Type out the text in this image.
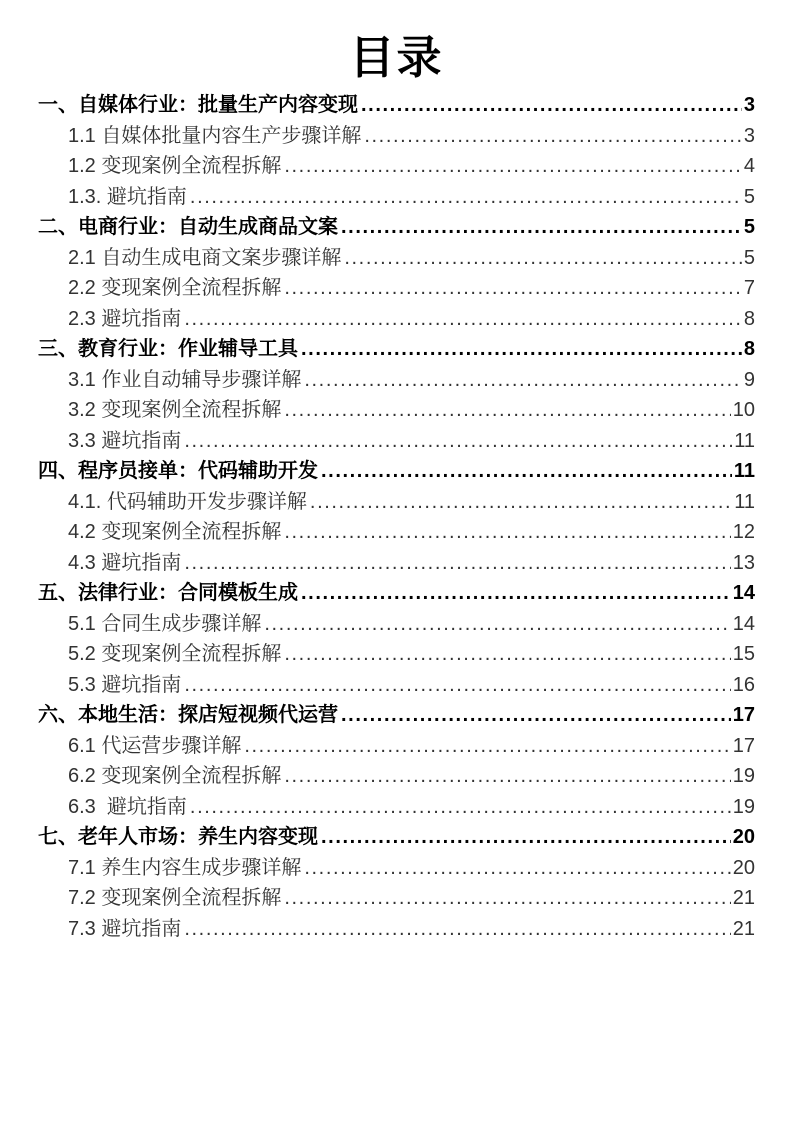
目录
一、自媒体行业：批量生产内容变现 .....	3
1.1 自媒体批量内容生产步骤详解 .....	3
1.2 变现案例全流程拆解 .....	4
1.3. 避坑指南 .....	5
二、电商行业：自动生成商品文案 .....	5
2.1 自动生成电商文案步骤详解 .....	5
2.2 变现案例全流程拆解 .....	7
2.3 避坑指南 .....	8
三、教育行业：作业辅导工具 .....	8
3.1 作业自动辅导步骤详解 .....	9
3.2 变现案例全流程拆解 .....	10
3.3 避坑指南 .....	11
四、程序员接单：代码辅助开发 .....	11
4.1. 代码辅助开发步骤详解 .....	11
4.2 变现案例全流程拆解 .....	12
4.3 避坑指南 .....	13
五、法律行业：合同模板生成 .....	14
5.1 合同生成步骤详解 .....	14
5.2 变现案例全流程拆解 .....	15
5.3 避坑指南 .....	16
六、本地生活：探店短视频代运营 .....	17
6.1 代运营步骤详解 .....	17
6.2 变现案例全流程拆解 .....	19
6.3  避坑指南 .....	19
七、老年人市场：养生内容变现 .....	20
7.1 养生内容生成步骤详解 .....	20
7.2 变现案例全流程拆解 .....	21
7.3 避坑指南 .....	21
